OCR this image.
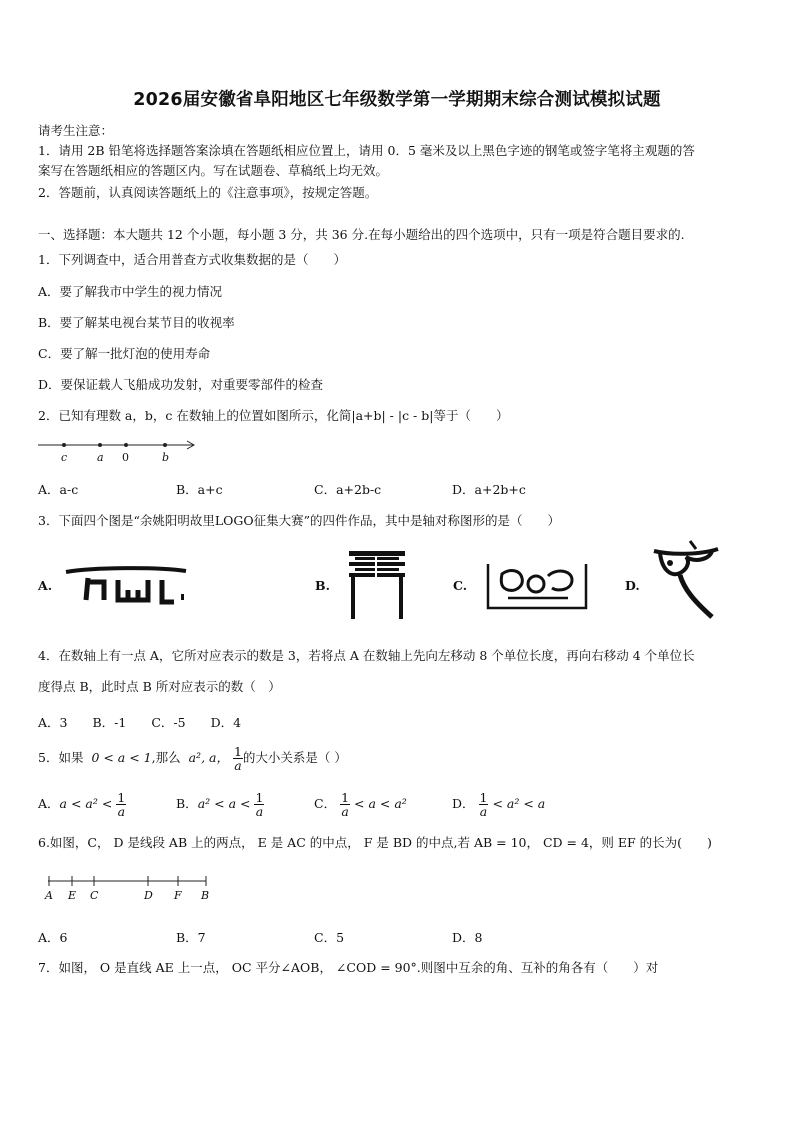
2026届安徽省阜阳地区七年级数学第一学期期末综合测试模拟试题
请考生注意：
1．请用 2B 铅笔将选择题答案涂填在答题纸相应位置上，请用 0．5 毫米及以上黑色字迹的钢笔或签字笔将主观题的答
案写在答题纸相应的答题区内。写在试题卷、草稿纸上均无效。
2．答题前，认真阅读答题纸上的《注意事项》，按规定答题。
一、选择题：本大题共 12 个小题，每小题 3 分，共 36 分.在每小题给出的四个选项中，只有一项是符合题目要求的.
1．下列调查中，适合用普查方式收集数据的是（　　）
A．要了解我市中学生的视力情况
B．要了解某电视台某节目的收视率
C．要了解一批灯泡的使用寿命
D．要保证载人飞船成功发射，对重要零部件的检查
2．已知有理数 a，b，c 在数轴上的位置如图所示，化简|a+b| - |c - b|等于（　　）
c	a 0	b
A．a-c	B．a+c	C．a+2b-c	D．a+2b+c
3．下面四个图是“余姚阳明故里LOGO征集大赛”的四件作品，其中是轴对称图形的是（　　）
A.	B.	C.	D.
4．在数轴上有一点 A，它所对应表示的数是 3，若将点 A 在数轴上先向左移动 8 个单位长度，再向右移动 4 个单位长
度得点 B，此时点 B 所对应表示的数（　）
A．3　　B．-1　　C．-5　　D．4
5．如果 0 < a < 1,那么 a², a， $\frac{1}{a}$ 的大小关系是（ ）
A．$a < a^2 < \frac{1}{a}$	B．$a^2 < a < \frac{1}{a}$	C． $\frac{1}{a} < a < a^2$	D． $\frac{1}{a} < a^2 < a$
6.如图，C， D 是线段 AB 上的两点， E 是 AC 的中点， F 是 BD 的中点,若 AB = 10， CD = 4，则 EF 的长为(　　)
A E C	D F B
A．6	B．7	C．5	D．8
7．如图， O 是直线 AE 上一点， OC 平分∠AOB， ∠COD = 90°.则图中互余的角、互补的角各有（　　）对
